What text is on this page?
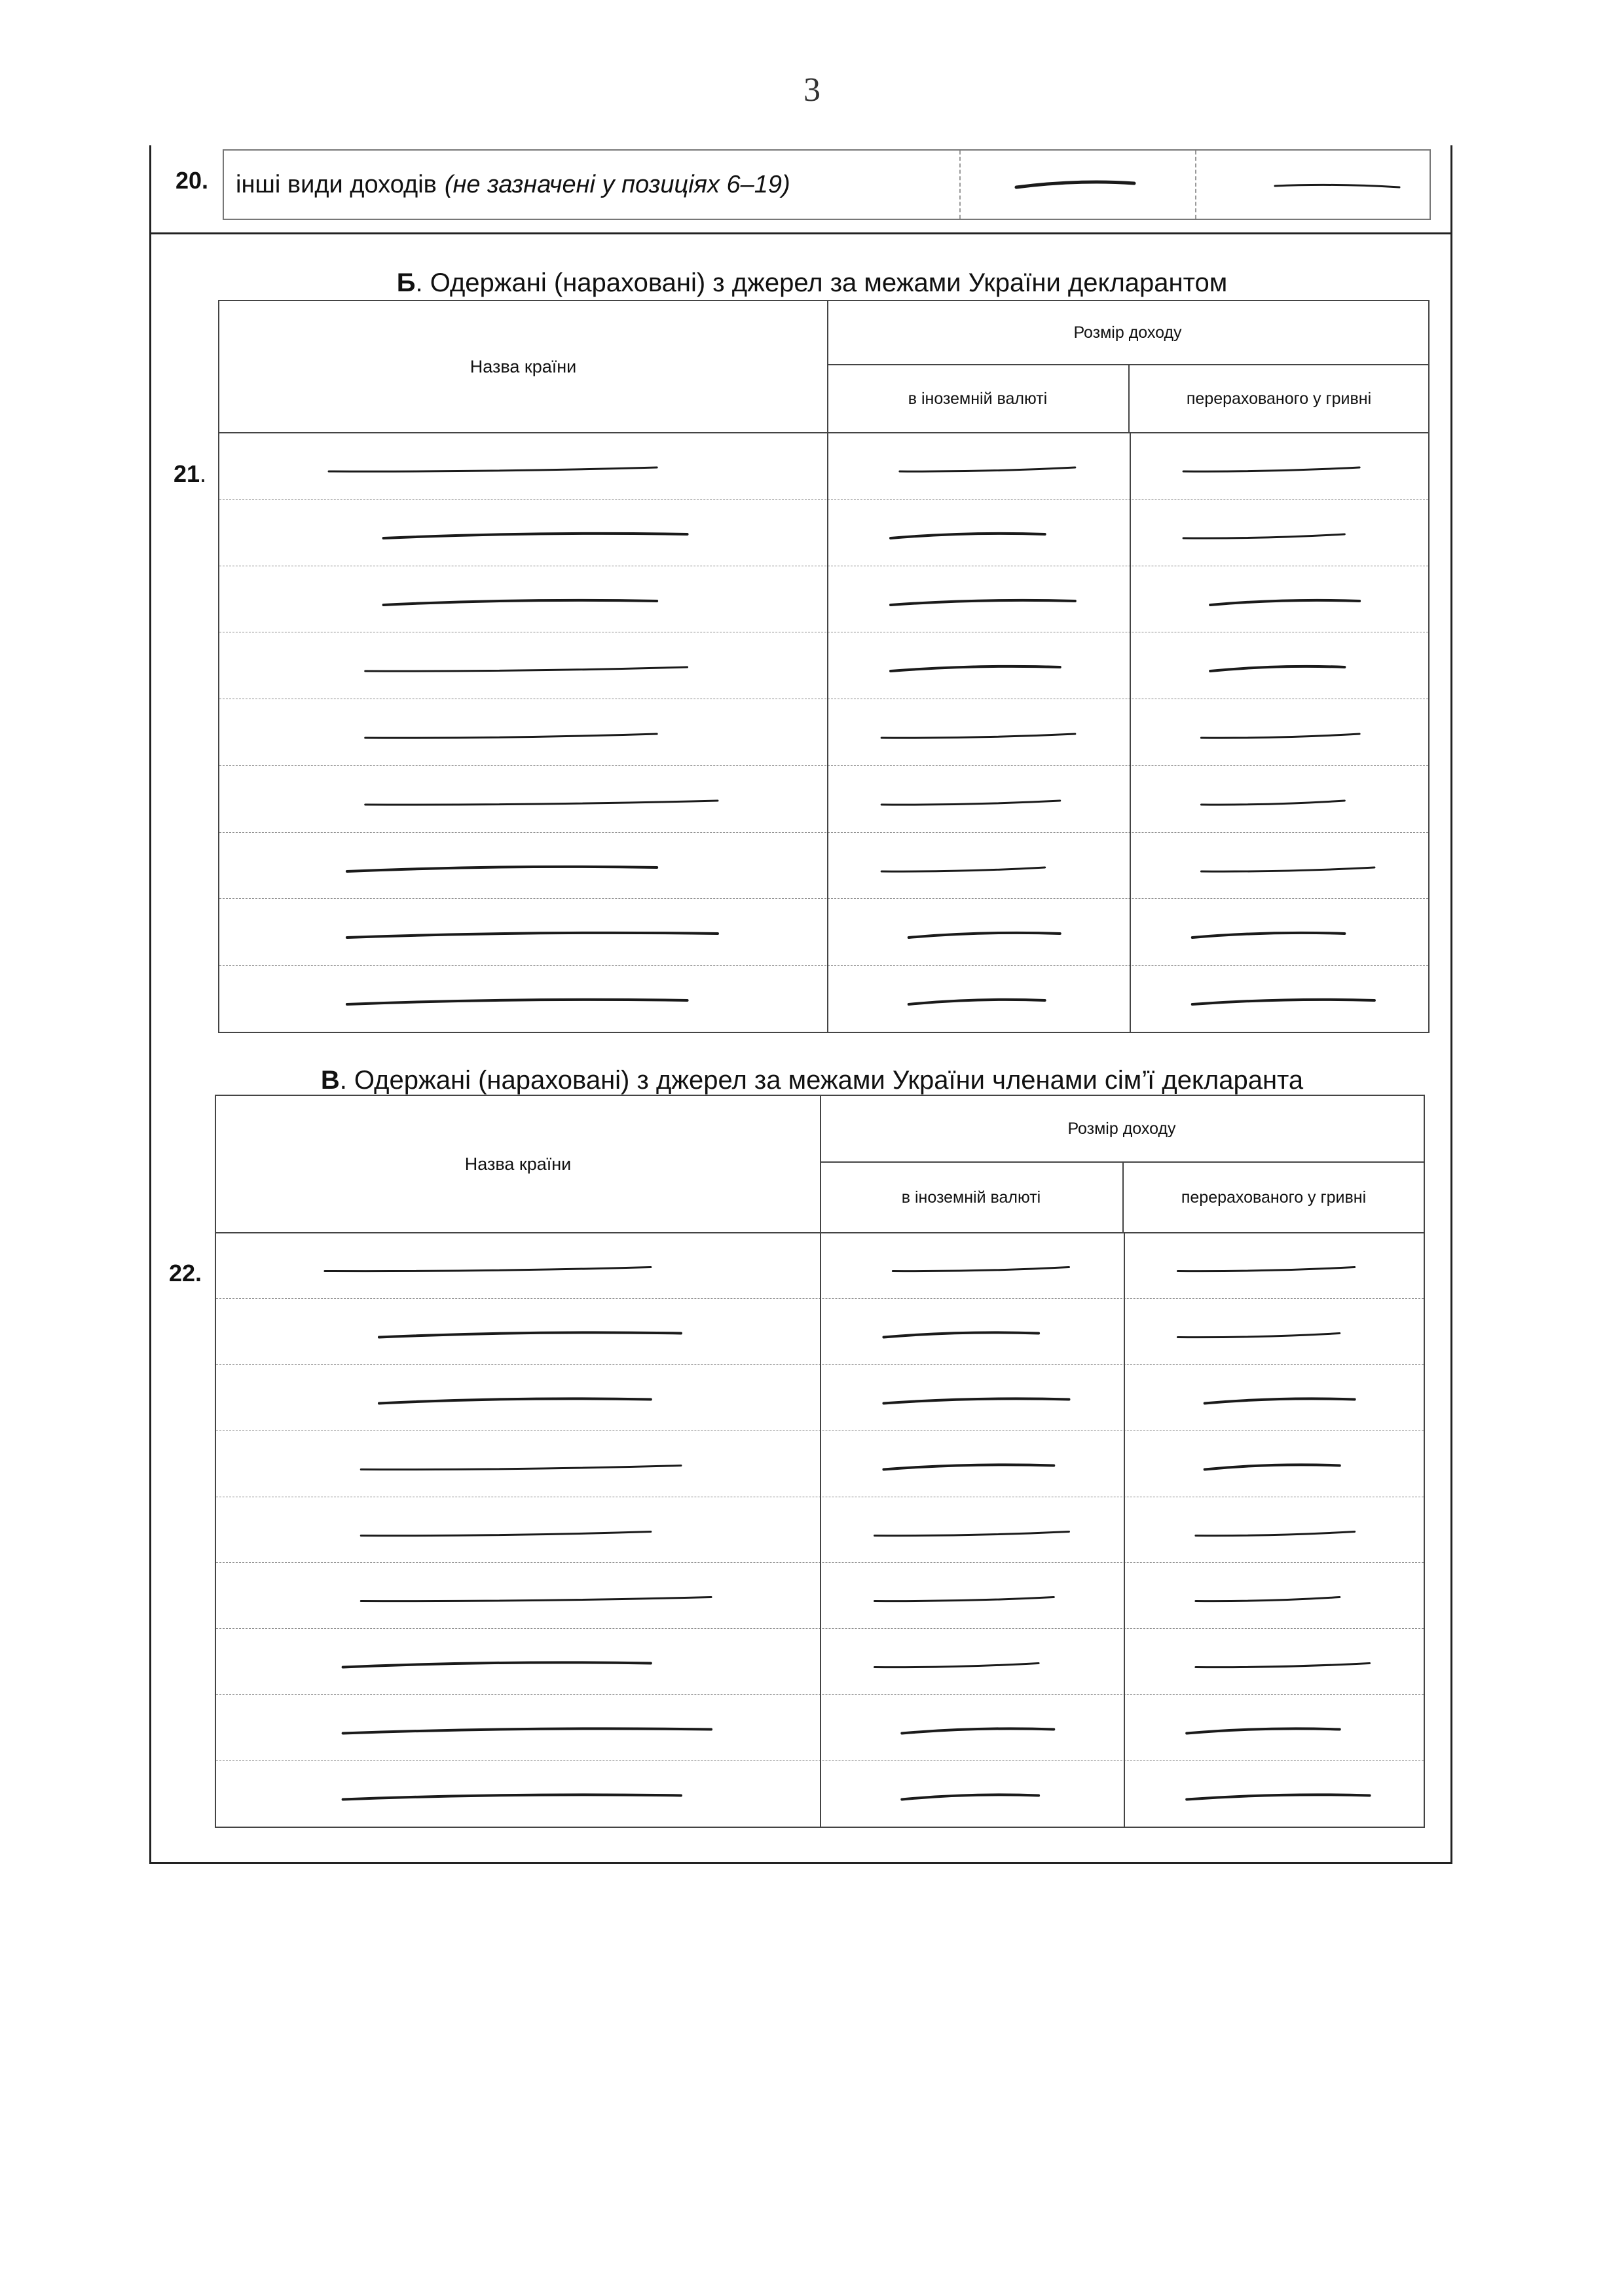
3
20. інші види доходів (не зазначені у позиціях 6–19)
Б. Одержані (нараховані) з джерел за межами України декларантом
21.
Назва країни
Розмір доходу
в іноземній валюті	перерахованого у гривні
В. Одержані (нараховані) з джерел за межами України членами сім’ї декларанта
22.
Назва країни
Розмір доходу
в іноземній валюті	перерахованого у гривні
